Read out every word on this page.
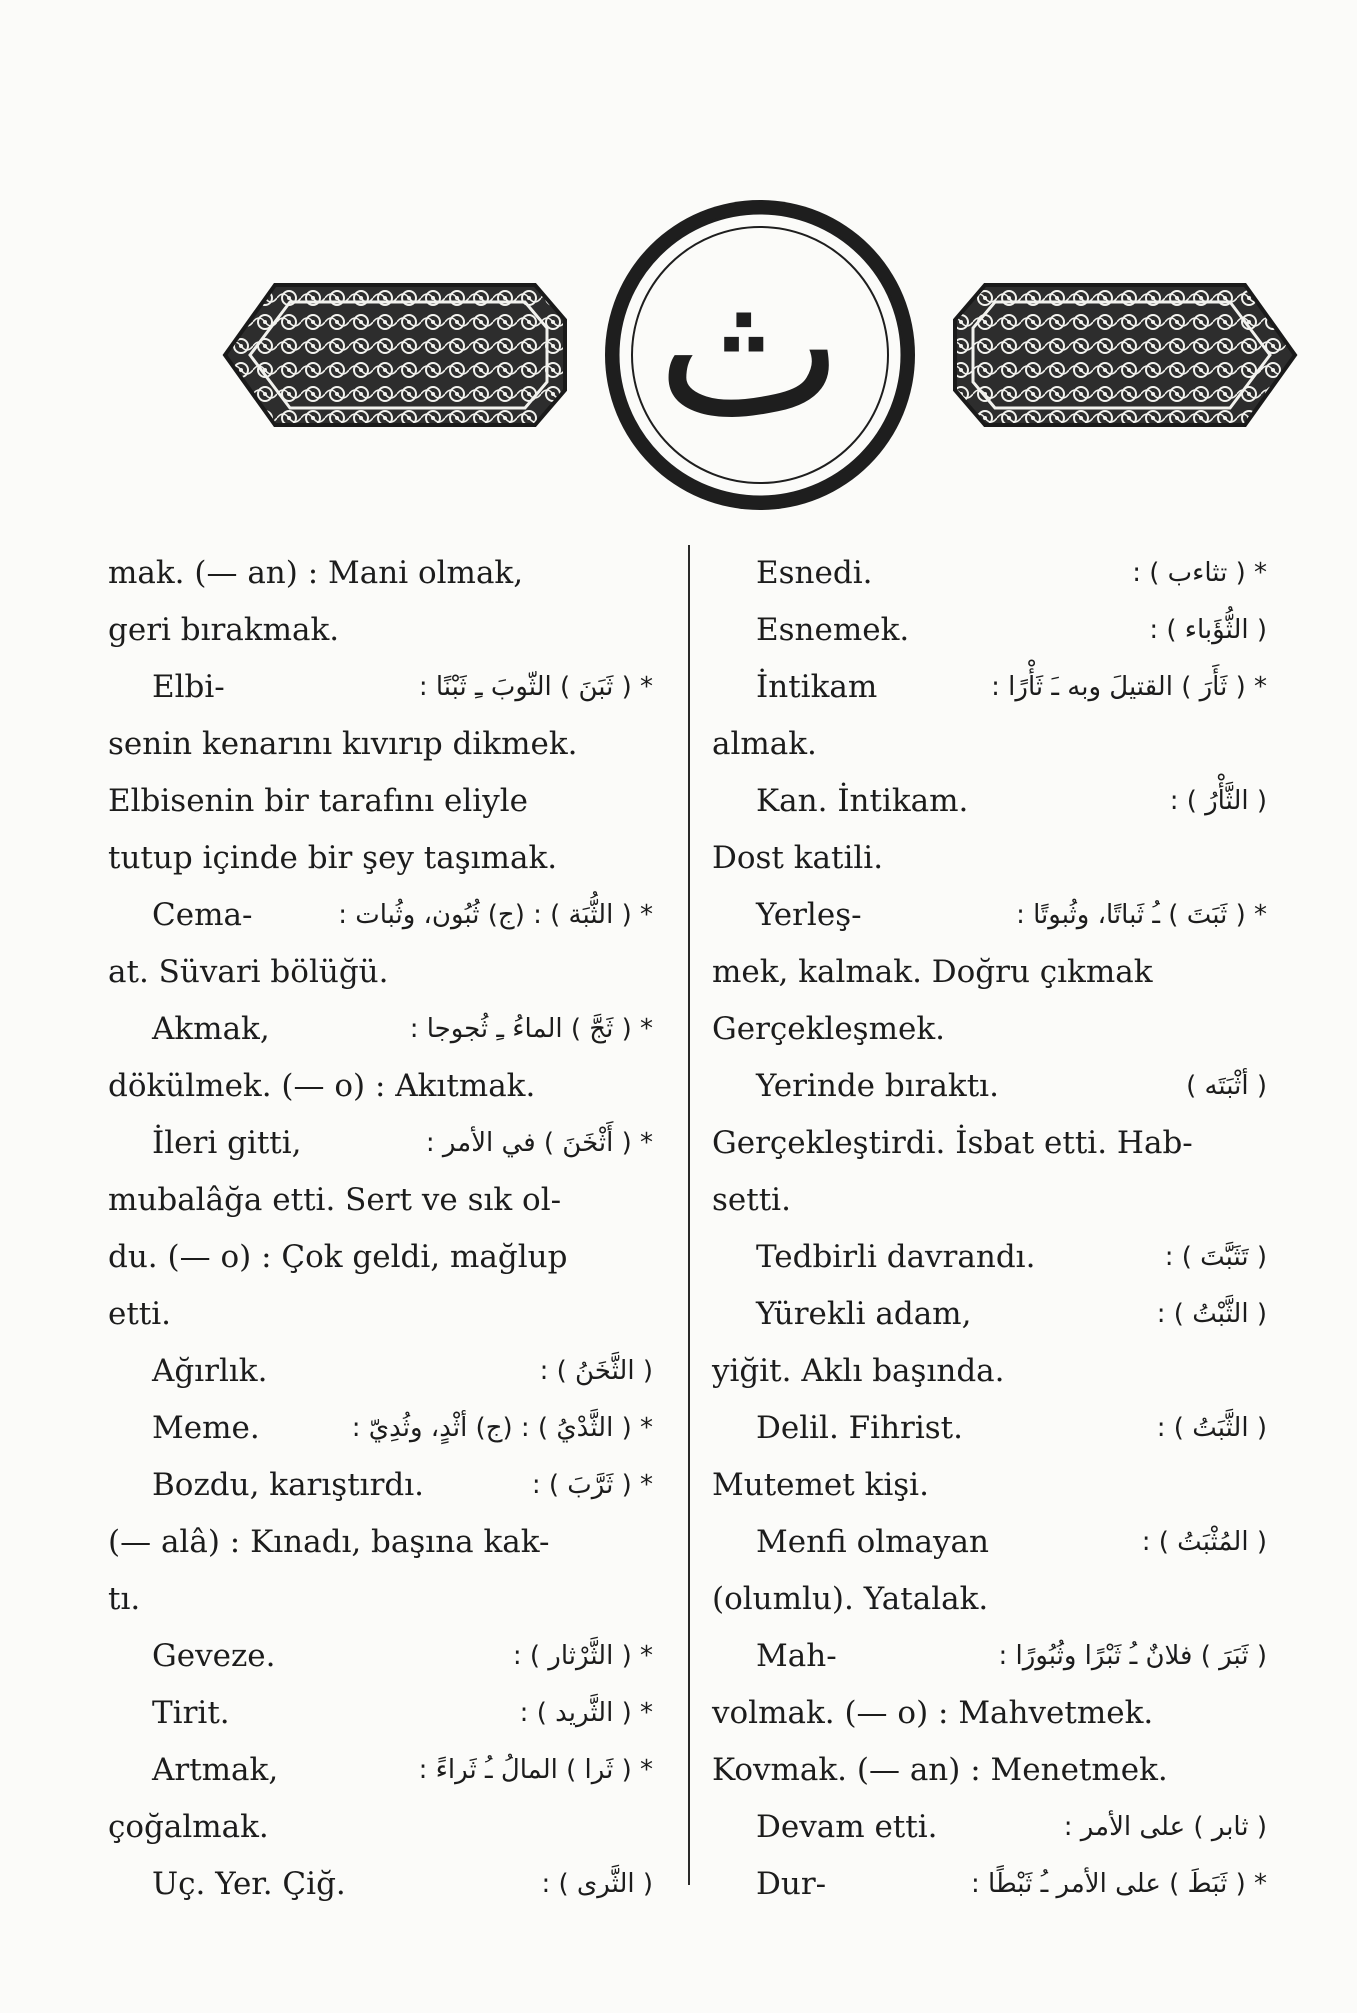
ث
mak. (— an) : Mani olmak,
geri bırakmak.
Elbi-	* ( ثَبَنَ ) الثّوبَ ـِ ثَبْنًا :
senin kenarını kıvırıp dikmek.
Elbisenin bir tarafını eliyle
tutup içinde bir şey taşımak.
Cema-	* ( الثُّبَة ) : (ج) ثُبُون، وثُبات :
at. Süvari bölüğü.
Akmak,	* ( ثَجَّ ) الماءُ ـِ ثُجوجا :
dökülmek. (— o) : Akıtmak.
İleri gitti,	* ( أَثْخَنَ ) في الأمر :
mubalâğa etti. Sert ve sık ol-
du. (— o) : Çok geldi, mağlup
etti.
Ağırlık.	( الثَّخَنُ ) :
Meme.	* ( الثَّدْيُ ) : (ج) أثْدٍ، وثُدِيّ :
Bozdu, karıştırdı.	* ( ثَرَّبَ ) :
(— alâ) : Kınadı, başına kak-
tı.
Geveze.	* ( الثَّرْثار ) :
Tirit.	* ( الثَّريد ) :
Artmak,	* ( ثَرا ) المالُ ـُ ثَراءً :
çoğalmak.
Uç. Yer. Çiğ.	( الثَّرى ) :
Esnedi.	* ( تثاءب ) :
Esnemek.	( الثُّؤَباء ) :
İntikam	* ( ثَأَرَ ) القتيلَ وبه ـَ ثَأْرًا :
almak.
Kan. İntikam.	( الثَّأْرُ ) :
Dost katili.
Yerleş-	* ( ثَبَتَ ) ـُ ثَباتًا، وثُبوتًا :
mek, kalmak. Doğru çıkmak
Gerçekleşmek.
Yerinde bıraktı.	( أثْبَتَه )
Gerçekleştirdi. İsbat etti. Hab-
setti.
Tedbirli davrandı.	( تَثَبَّتَ ) :
Yürekli adam,	( الثَّبْتُ ) :
yiğit. Aklı başında.
Delil. Fihrist.	( الثَّبَتُ ) :
Mutemet kişi.
Menfi olmayan	( المُثْبَتُ ) :
(olumlu). Yatalak.
Mah-	( ثَبَرَ ) فلانٌ ـُ ثَبْرًا وثُبُورًا :
volmak. (— o) : Mahvetmek.
Kovmak. (— an) : Menetmek.
Devam etti.	( ثابر ) على الأمر :
Dur-	* ( ثَبَطَ ) على الأمر ـُ ثَبْطًا :
